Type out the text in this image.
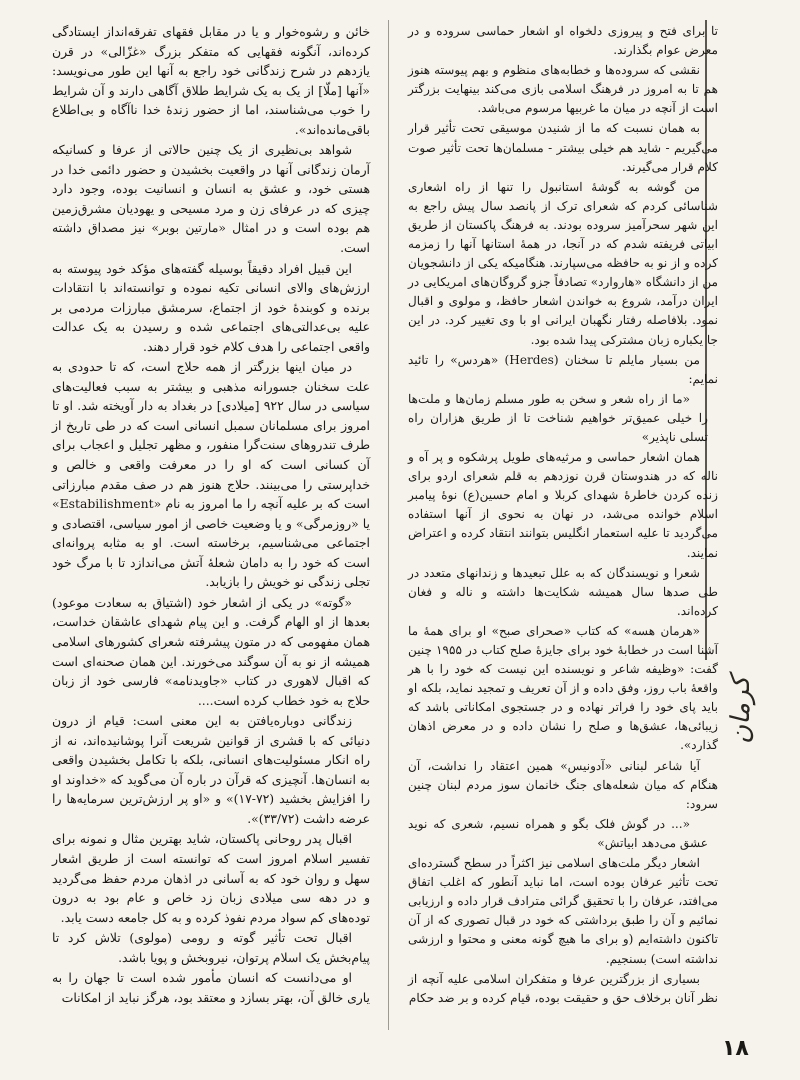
تا برای فتح و پیروزی دلخواه او اشعار حماسی سروده و در معرض عوام بگذارند.

نقشی که سروده‌ها و خطابه‌های منظوم و بهم پیوسته هنوز هم تا به امروز در فرهنگ اسلامی بازی می‌کند بینهایت بزرگتر است از آنچه در میان ما غربیها مرسوم می‌باشد.

به همان نسبت که ما از شنیدن موسیقی تحت تأثیر قرار می‌گیریم - شاید هم خیلی بیشتر - مسلمان‌ها تحت تأثیر صوت کلام قرار می‌گیرند.

من گوشه‌ به گوشهٔ استانبول را تنها از راه اشعاری شناسائی کردم که شعرای ترک از پانصد سال پیش راجع به این شهر سحرآمیز سروده بودند. به فرهنگ پاکستان از طریق ابیاتی فریفته شدم که در آنجا، در همهٔ استانها آنها را زمزمه کرده و از نو به حافظه می‌سپارند. هنگامیکه یکی از دانشجویان من از دانشگاه «هاروارد» تصادفاً جزو گروگان‌های امریکایی در ایران درآمد، شروع به خواندن اشعار حافظ، و مولوی و اقبال نمود. بلافاصله رفتار نگهبان ایرانی او با وی تغییر کرد. در این جا یکباره زبان مشترکی پیدا شده بود.

من بسیار مایلم تا سخنان (Herdes) «هردس» را تائید نمایم:

«ما از راه شعر و سخن به طور مسلم زمان‌ها و ملت‌ها را خیلی عمیق‌تر خواهیم شناخت تا از طریق هزاران راه تسلی ناپذیر»

همان اشعار حماسی و مرثیه‌های طویل پرشکوه و پر آه و ناله که در هندوستان قرن نوزدهم به قلم شعرای اردو برای زنده کردن خاطرهٔ شهدای کربلا و امام حسین(ع) نوهٔ پیامبر اسلام خوانده می‌شد، در نهان به نحوی از آنها استفاده می‌گردید تا علیه استعمار انگلیس بتوانند انتقاد کرده و اعتراض نمایند.

شعرا و نویسندگان که به علل تبعیدها و زندانهای متعدد در طی صدها سال همیشه شکایت‌ها داشته و ناله و فغان کرده‌اند.

«هرمان هسه» که کتاب «صحرای صبح» او برای همهٔ ما آشنا است در خطابهٔ خود برای جایزهٔ صلح کتاب در ۱۹۵۵ چنین گفت: «وظیفه شاعر و نویسنده این نیست که خود را با هر واقعهٔ باب روز، وفق داده و از آن تعریف و تمجید نماید، بلکه او باید پای خود را فراتر نهاده و در جستجوی امکاناتی باشد که زیبائی‌ها، عشق‌ها و صلح را نشان داده و در معرض اذهان گذارد».

آیا شاعر لبنانی «آدونیس» همین اعتقاد را نداشت، آن هنگام که میان شعله‌های جنگ خانمان سوز مردم لبنان چنین سرود:

«... در گوش فلک بگو و همراه نسیم، شعری که نوید عشق می‌دهد ابیاتش»

اشعار دیگر ملت‌های اسلامی نیز اکثراً در سطح گسترده‌ای تحت تأثیر عرفان بوده است، اما نباید آنطور که اغلب اتفاق می‌افتد، عرفان را با تحقیق گرائی مترادف قرار داده و ارزیابی نمائیم و آن را طبق برداشتی که خود در قبال تصوری که از آن تاکنون داشته‌ایم (و برای ما هیچ گونه معنی و محتوا و ارزشی نداشته است) بسنجیم.

بسیاری از بزرگترین عرفا و متفکران اسلامی علیه آنچه از نظر آنان برخلاف حق و حقیقت بوده، قیام کرده و بر ضد حکام

خائن و رشوه‌خوار و یا در مقابل فقهای تفرقه‌انداز ایستادگی کرده‌اند، آنگونه فقهایی که متفکر بزرگ «غزّالی» در قرن یازدهم در شرح زندگانی خود راجع به آنها این طور می‌نویسد: «آنها [ملّا] از یک به یک شرایط طلاق آگاهی دارند و آن شرایط را خوب می‌شناسند، اما از حضور زندهٔ خدا ناآگاه و بی‌اطلاع باقی‌مانده‌اند».

شواهد بی‌نظیری از یک چنین حالاتی از عرفا و کسانیکه آرمان زندگانی آنها در واقعیت بخشیدن و حضور دائمی خدا در هستی خود، و عشق به انسان و انسانیت بوده، وجود دارد چیزی که در عرفای زن و مرد مسیحی و یهودیان مشرق‌زمین هم بوده است و در امثال «مارتین بوبر» نیز مصداق داشته است.

این قبیل افراد دقیقاً بوسیله گفته‌های مؤکد خود پیوسته به ارزش‌های والای انسانی تکیه نموده و توانسته‌اند با انتقادات برنده و کوبندهٔ خود از اجتماع، سرمشق مبارزات مردمی بر علیه بی‌عدالتی‌های اجتماعی شده و رسیدن به یک عدالت واقعی اجتماعی را هدف کلام خود قرار دهند.

در میان اینها بزرگتر از همه حلاج است، که تا حدودی به علت سخنان جسورانه مذهبی و بیشتر به سبب فعالیت‌های سیاسی در سال ۹۲۲ [میلادی] در بغداد به دار آویخته شد. او تا امروز برای مسلمانان سمبل انسانی است که در طی تاریخ از طرف تندروهای سنت‌گرا منفور، و مظهر تجلیل و اعجاب برای آن کسانی است که او را در معرفت واقعی و خالص و خداپرستی را می‌بینند. حلاج هنوز هم در صف مقدم مبارزاتی است که بر علیه آنچه را ما امروز به نام «Estabilishment» یا «روزمرگی» و یا وضعیت خاصی از امور سیاسی، اقتصادی و اجتماعی می‌شناسیم، برخاسته است. او به مثابه پروانه‌ای است که خود را به دامان شعلهٔ آتش می‌اندازد تا با مرگ خود تجلی زندگی نو خویش را بازیابد.

«گوته» در یکی از اشعار خود (اشتیاق به سعادت موعود) بعدها از او الهام گرفت. و این پیام شهدای عاشقان خداست، همان مفهومی که در متون پیشرفته شعرای کشورهای اسلامی همیشه از نو به آن سوگند می‌خورند. این همان صحنه‌ای است که اقبال لاهوری در کتاب «جاویدنامه» فارسی خود از زبان حلاج به خود خطاب کرده است....

زندگانی دوباره‌یافتن به این معنی است: قیام از درون دنیائی که با قشری از قوانین شریعت آنرا پوشانیده‌اند، نه از راه انکار مسئولیت‌های انسانی، بلکه با تکامل بخشیدن واقعی به انسان‌ها. آنچیزی که قرآن در باره آن می‌گوید که «خداوند او را افزایش بخشید (۷۲-۱۷)» و «او پر ارزش‌ترین سرمایه‌ها را عرضه داشت (۳۳/۷۲)».

اقبال پدر روحانی پاکستان، شاید بهترین مثال و نمونه برای تفسیر اسلام امروز است که توانسته است از طریق اشعار سهل و روان خود که به آسانی در اذهان مردم حفظ می‌گردید و در دهه سی میلادی زبان زد خاص و عام بود به درون توده‌های کم سواد مردم نفوذ کرده و به کل جامعه دست یابد.

اقبال تحت تأثیر گوته و رومی (مولوی) تلاش کرد تا پیام‌بخش یک اسلام پرتوان، نیروبخش و پویا باشد.

او می‌دانست که انسان مأمور شده است تا جهان را به یاری خالق آن، بهتر بسازد و معتقد بود، هرگز نباید از امکانات

کرمان
۱۸
